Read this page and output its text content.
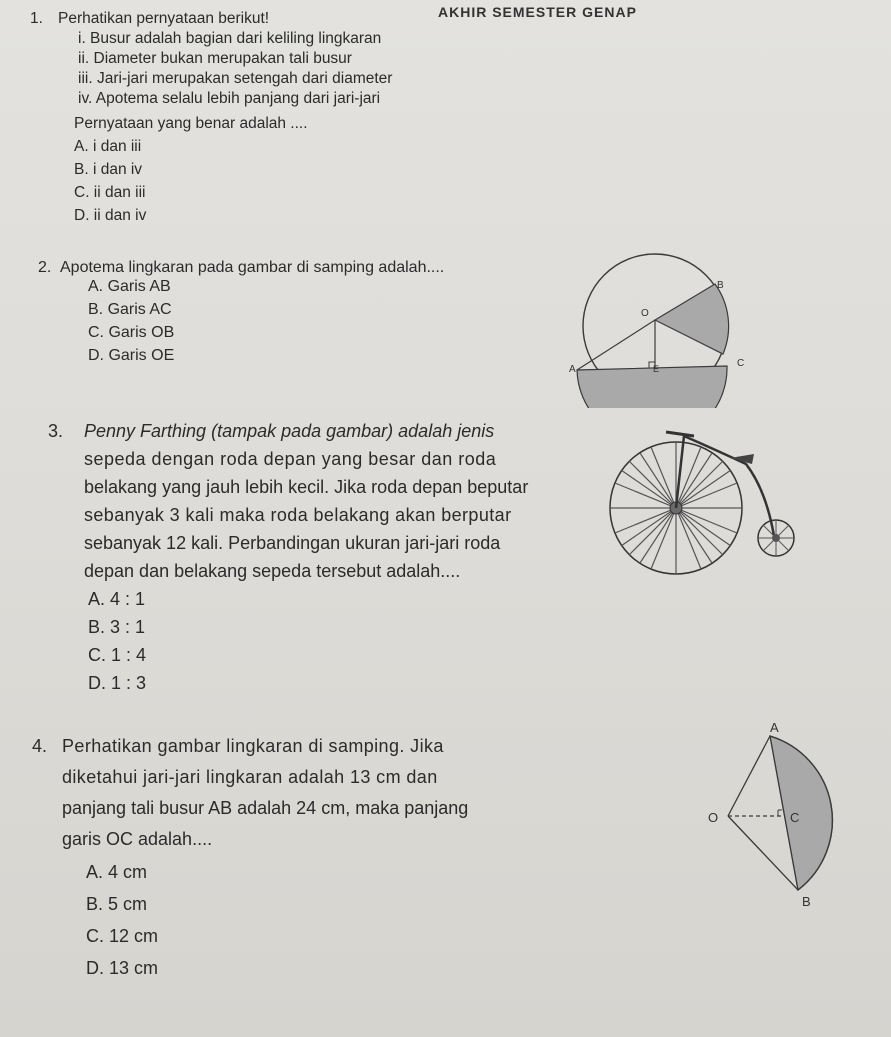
AKHIR SEMESTER GENAP
1. Perhatikan pernyataan berikut!
i. Busur adalah bagian dari keliling lingkaran
ii. Diameter bukan merupakan tali busur
iii. Jari-jari merupakan setengah dari diameter
iv. Apotema selalu lebih panjang dari jari-jari
Pernyataan yang benar adalah ....
A. i dan iii
B. i dan iv
C. ii dan iii
D. ii dan iv
2. Apotema lingkaran pada gambar di samping adalah....
A. Garis AB
B. Garis AC
C. Garis OB
D. Garis OE
B
O
C
A	E
3. Penny Farthing (tampak pada gambar) adalah jenis
sepeda dengan roda depan yang besar dan roda
belakang yang jauh lebih kecil. Jika roda depan beputar
sebanyak 3 kali maka roda belakang akan berputar
sebanyak 12 kali. Perbandingan ukuran jari-jari roda
depan dan belakang sepeda tersebut adalah....
A. 4 : 1
B. 3 : 1
C. 1 : 4
D. 1 : 3
4. Perhatikan gambar lingkaran di samping. Jika
diketahui jari-jari lingkaran adalah 13 cm dan
panjang tali busur AB adalah 24 cm, maka panjang
garis OC adalah....
A. 4 cm
B. 5 cm
C. 12 cm
D. 13 cm
A
O	C
B
